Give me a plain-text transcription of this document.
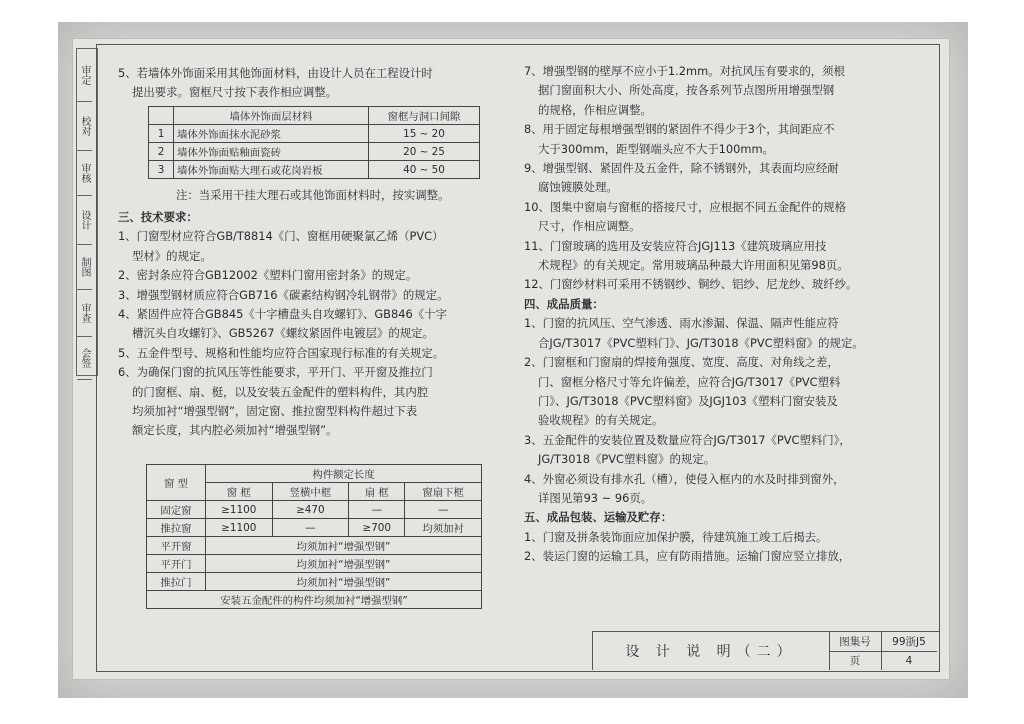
审定
校对
审核
设计
制图
审查
会签
5、若墙体外饰面采用其他饰面材料，由设计人员在工程设计时
提出要求。窗框尺寸按下表作相应调整。
	墙体外饰面层材料	窗框与洞口间隙
1	墙体外饰面抹水泥砂浆	15 ~ 20
2	墙体外饰面贴釉面瓷砖	20 ~ 25
3	墙体外饰面贴大理石或花岗岩板	40 ~ 50
注：当采用干挂大理石或其他饰面材料时，按实调整。
三、技术要求：
1、门窗型材应符合GB/T8814《门、窗框用硬聚氯乙烯（PVC）
型材》的规定。
2、密封条应符合GB12002《塑料门窗用密封条》的规定。
3、增强型钢材质应符合GB716《碳素结构钢冷轧钢带》的规定。
4、紧固件应符合GB845《十字槽盘头自攻螺钉》、GB846《十字
槽沉头自攻螺钉》、GB5267《螺纹紧固件电镀层》的规定。
5、五金件型号、规格和性能均应符合国家现行标准的有关规定。
6、为确保门窗的抗风压等性能要求，平开门、平开窗及推拉门
的门窗框、扇、梃，以及安装五金配件的塑料构件，其内腔
均须加衬“增强型钢”，固定窗、推拉窗型料构件超过下表
额定长度，其内腔必须加衬“增强型钢”。
窗 型	构件额定长度			
	窗 框	竖横中框	扇 框	窗扇下框
固定窗	≥1100	≥470	—	—
推拉窗	≥1100	—	≥700	均须加衬
平开窗	均须加衬“增强型钢”			
平开门	均须加衬“增强型钢”			
推拉门	均须加衬“增强型钢”			
安装五金配件的构件均须加衬“增强型钢”				
7、增强型钢的壁厚不应小于1.2mm。对抗风压有要求的，须根
据门窗面积大小、所处高度，按各系列节点图所用增强型钢
的规格，作相应调整。
8、用于固定每根增强型钢的紧固件不得少于3个，其间距应不
大于300mm，距型钢端头应不大于100mm。
9、增强型钢、紧固件及五金件，除不锈钢外，其表面均应经耐
腐蚀镀膜处理。
10、图集中窗扇与窗框的搭接尺寸，应根据不同五金配件的规格
尺寸，作相应调整。
11、门窗玻璃的选用及安装应符合JGJ113《建筑玻璃应用技
术规程》的有关规定。常用玻璃品种最大许用面积见第98页。
12、门窗纱材料可采用不锈钢纱、铜纱、铝纱、尼龙纱、玻纤纱。
四、成品质量：
1、门窗的抗风压、空气渗透、雨水渗漏、保温、隔声性能应符
合JG/T3017《PVC塑料门》、JG/T3018《PVC塑料窗》的规定。
2、门窗框和门窗扇的焊接角强度、宽度、高度、对角线之差，
门、窗框分格尺寸等允许偏差，应符合JG/T3017《PVC塑料
门》、JG/T3018《PVC塑料窗》及JGJ103《塑料门窗安装及
验收规程》的有关规定。
3、五金配件的安装位置及数量应符合JG/T3017《PVC塑料门》，
JG/T3018《PVC塑料窗》的规定。
4、外窗必须设有排水孔（槽），使侵入框内的水及时排到窗外，
详图见第93 ~ 96页。
五、成品包装、运输及贮存：
1、门窗及拼条装饰面应加保护膜，待建筑施工竣工后揭去。
2、装运门窗的运输工具，应有防雨措施。运输门窗应竖立排放，
设 计 说 明（二）
图集号	99浙J5
页	4
